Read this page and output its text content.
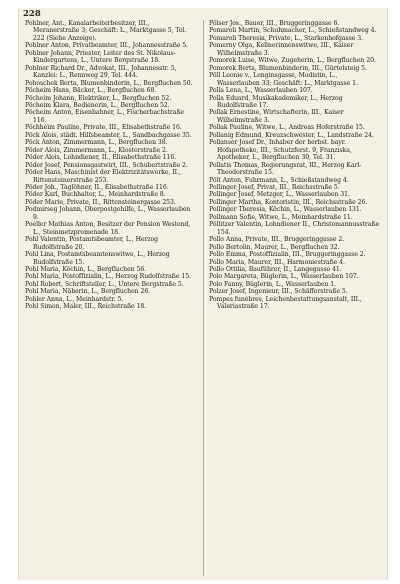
228

Pohlner, Ant., Kanalarbeiterbesitzer, III., Meranerstraße 3; Geschäft: L., Marktgasse 5, Tel. 222 (Siehe Anzeige).

Pohlner Anton, Privatbeamter, III., Johannesstraße 5.

Pohlner Johann, Priester, Leiter des St. Nikolaus-Kindergartens, L., Untere Bergstraße 18.

Pohlner Richard Dr., Advokat, III., Johannesstr. 5, Kanzlei: L., Rennweg 29, Tel. 444.

Pohoschek Berta, Blumenbinderin, L., Bergfluchen 50.

Pöcheim Hans, Bäcker, L., Bergfluchen 68.

Pöcheim Johann, Elektriker, L., Bergfluchen 52.

Pöcheim Klara, Bedienerin, L., Bergfluchen 52.

Pöcheim Anton, Eisenbahner, L., Fischerbachstraße 116.

Pöchheim Pauline, Private, III., Elisabethstraße 16.

Pöck Alois, städt. Hilfsbeamter, L., Sandbachgasse 35.

Pöck Anton, Zimmermann, L., Bergfluchen 38.

Pöder Alois, Zimmermann, L., Klosterstraße 2.

Pöder Alois, Lohndiener, II., Elisabethstraße 116.

Pöder Josef, Pensionsgastwirt, III., Schubertstraße 2.

Pöder Hans, Maschinist der Elektrizitätswerke, II., Rittensteinerstraße 253.

Pöder Joh., Taglöhner, II., Elisabethstraße 116.

Pöder Karl, Buchhalter, L., Meinhardstraße 8.

Pöder Marie, Private, II., Rittensteinergasse 253.

Podmirseg Johann, Oberpostgehilfe, L., Wasserlauben 9.

Poeller Mathias Anton, Besitzer der Pension Westend, L., Steinmetzpromenade 18.

Pohl Valentin, Postamtsbeamter, L., Herzog Rudolfstraße 20.

Pohl Lina, Postamtsbeamtenswitwe, L., Herzog Rudolfstraße 15.

Pohl Maria, Köchin, L., Bergfluchen 56.

Pohl Maria, Postoffizialin, L., Herzog Rudolfstraße 15.

Pohl Robert, Schriftsteller, L., Untere Bergstraße 5.

Pohl Maria, Näherin, L., Bergfluchen 26.

Pohler Anna, L., Meinhardstr. 5.

Pohl Simon, Maler, III., Reichstraße 18.

Pölser Jos., Bauer, III., Bruggeringgasse 6.

Pomaroli Martin, Schuhmacher, L., Schießstandweg 4.

Pomaroli Theresia, Private, L., Starkenhofgasse 3.

Pomerny Olga, Kellnerinnenswitwe, III., Kaiser Wilhelmstraße 3.

Pomorek Luise, Witwe, Zugeherin, L., Bergfluchen 20.

Pomorek Berta, Blumenbinderin, III., Gürtelsteig 5.

Pöll Leonie v., Lenginsgasse, Modistin, L., Wasserlauben 33; Geschäft: L., Marktgasse 1.

Polla Lena, L., Wasserlauben 107.

Polla Eduard, Musikakademiker, L., Herzog Rudolfstraße 17.

Pollak Ernestine, Wirtschafterin, III., Kaiser Wilhelmstraße 3.

Pollak Pauline, Witwe, L., Andreas Hoferstraße 15.

Pollanig Edmund, Kreuzschwester, L., Landstraße 24.

Pollanser Josef Dr., Inhaber der herbst. bayr. Hofapotheke, III., Schutzferst. 9, Franziska, Apotheker, L., Bergfluchen 30, Tel. 31.

Pollatis Thomas, Regierungsrat, III., Herzog Karl-Theodorstraße 15.

Pölt Anton, Fuhrmann, L., Schießstandweg 4.

Pollinger Josef, Privat, III., Reichsstraße 5.

Pollinger Josef, Metzger, L., Wasserlauben 31.

Pollinger Martha, Kontoristin, III., Reichsstraße 26.

Pollinger Theresia, Köchin, L., Wasserlauben 131.

Pollmann Sofie, Witwe, L., Meinhardstraße 11.

Pöllitzer Valentin, Lohndiener II., Christomannusstraße 154.

Pollo Anna, Private, III., Bruggeringgasse 2.

Pollo Bertolin, Maurer, L., Bergfluchen 32.

Pollo Emma, Postoffizialin, III., Bruggeringgasse 2.

Pollo Maria, Maurer, III., Harmoniestraße 4.

Pollo Ottilia, Bauführer, II., Langegasse 41.

Polo Margareta, Büglerin, L., Wasserlauben 107.

Polo Fanny, Büglerin, L., Wasserlauben 1.

Polzer Josef, Ingenieur, III., Schäfferstraße 5.

Pompes funèbres, Leichenbestattungsanstalt, III., Valeriastraße 17.
